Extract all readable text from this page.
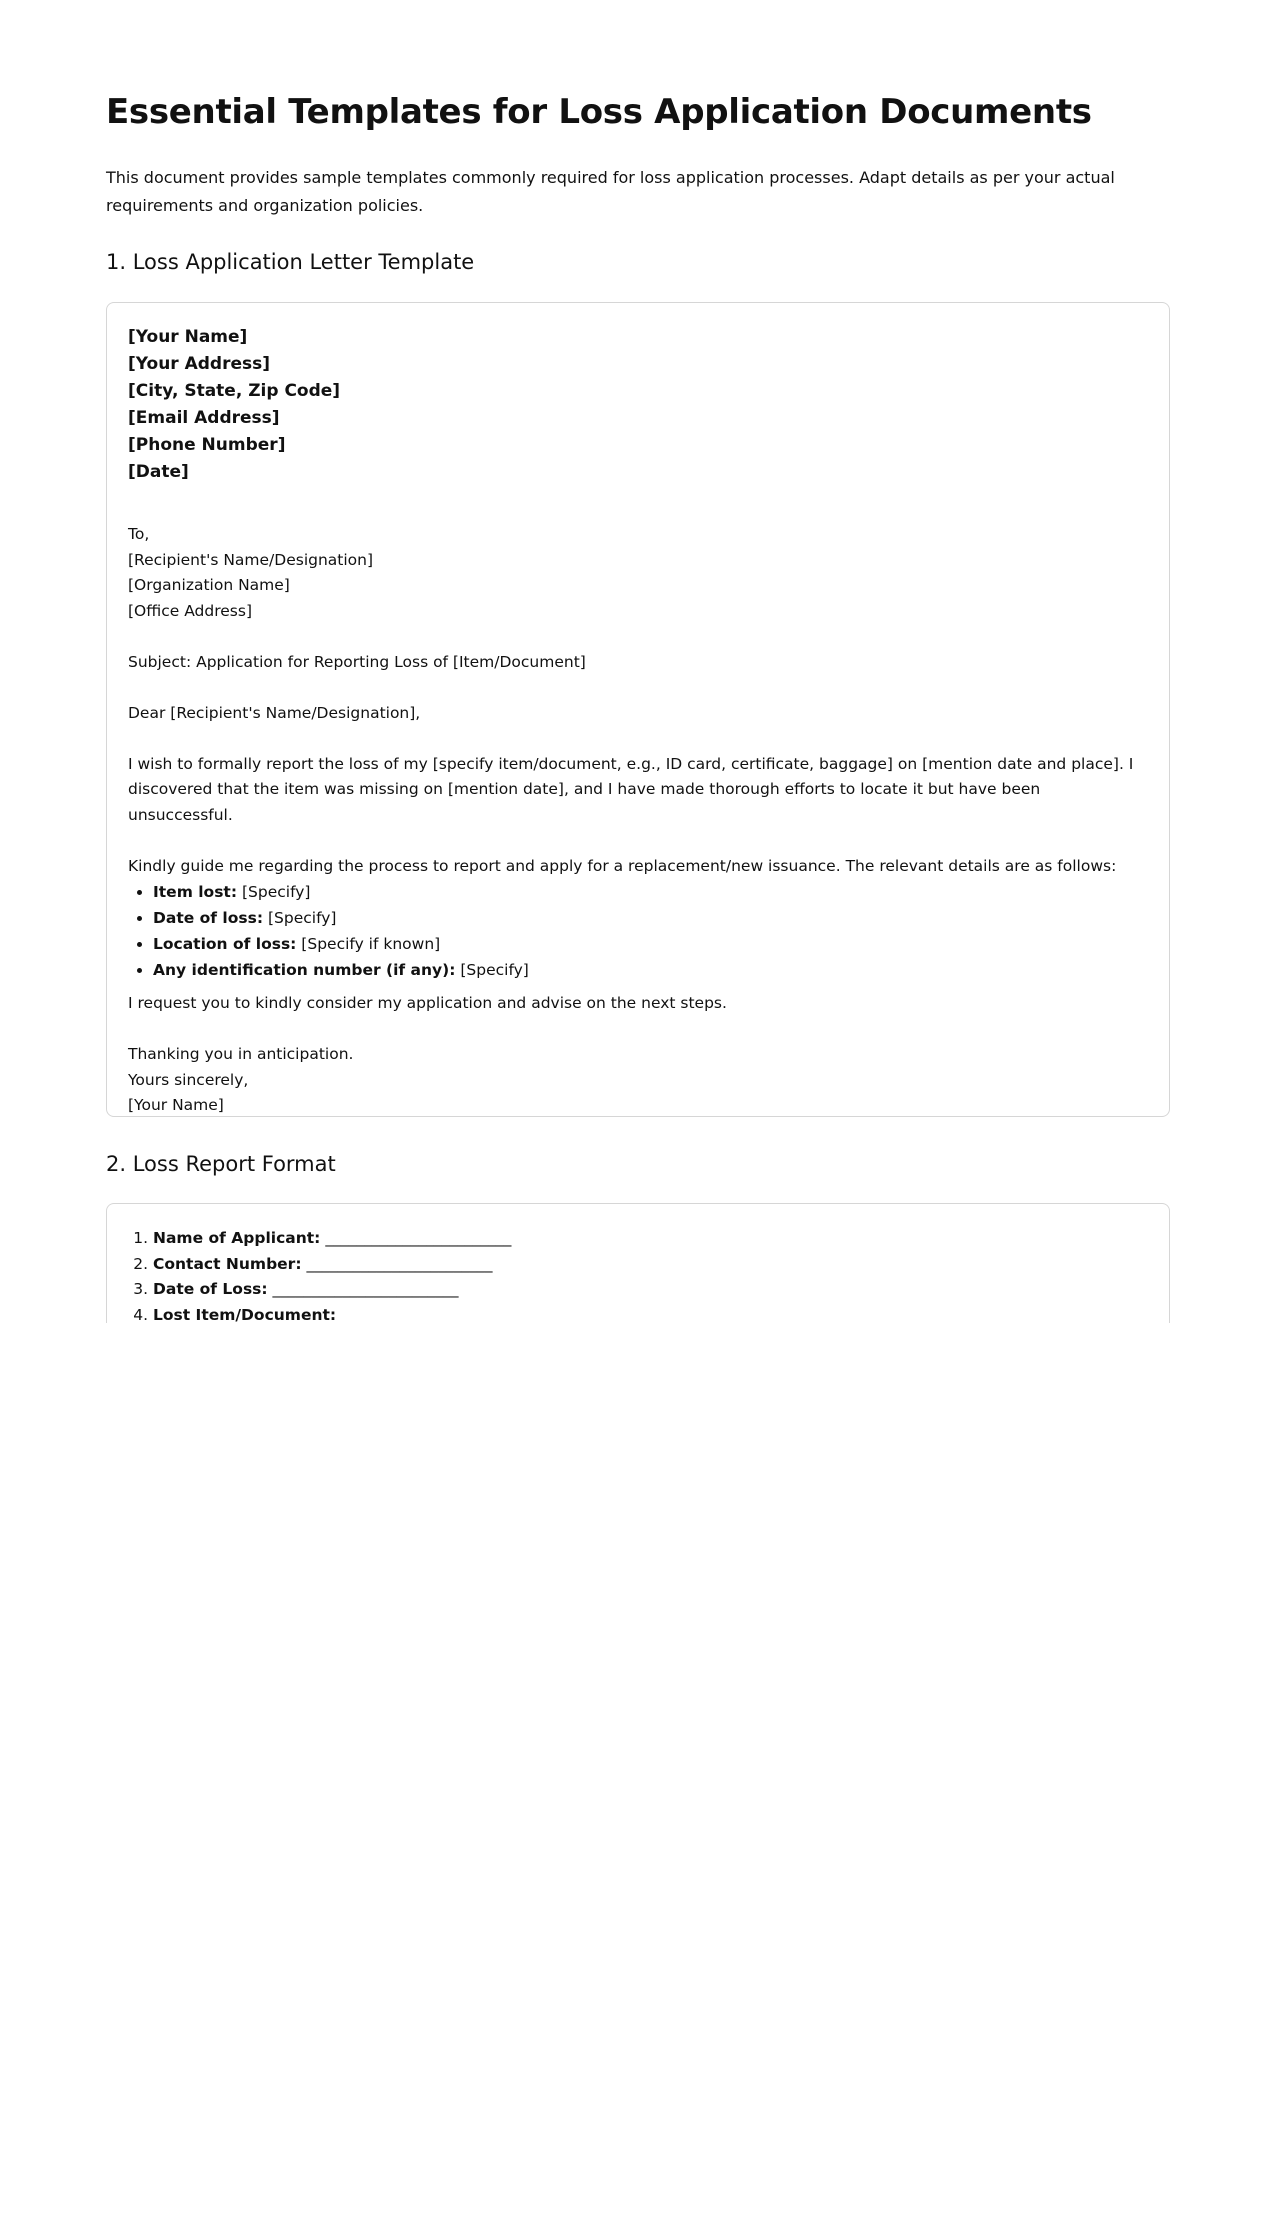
Essential Templates for Loss Application Documents

This document provides sample templates commonly required for loss application processes. Adapt details as per your actual requirements and organization policies.

1. Loss Application Letter Template
[Your Name]
[Your Address]
[City, State, Zip Code]
[Email Address]
[Phone Number]
[Date]

To,
[Recipient's Name/Designation]
[Organization Name]
[Office Address]

Subject: Application for Reporting Loss of [Item/Document]

Dear [Recipient's Name/Designation],

I wish to formally report the loss of my [specify item/document, e.g., ID card, certificate, baggage] on [mention date and place]. I discovered that the item was missing on [mention date], and I have made thorough efforts to locate it but have been unsuccessful.

Kindly guide me regarding the process to report and apply for a replacement/new issuance. The relevant details are as follows:

• Item lost: [Specify]
• Date of loss: [Specify]
• Location of loss: [Specify if known]
• Any identification number (if any): [Specify]

I request you to kindly consider my application and advise on the next steps.

Thanking you in anticipation.
Yours sincerely,
[Your Name]

2. Loss Report Format
1. Name of Applicant: ________________________
2. Contact Number: ________________________
3. Date of Loss: ________________________
4. Lost Item/Document:
